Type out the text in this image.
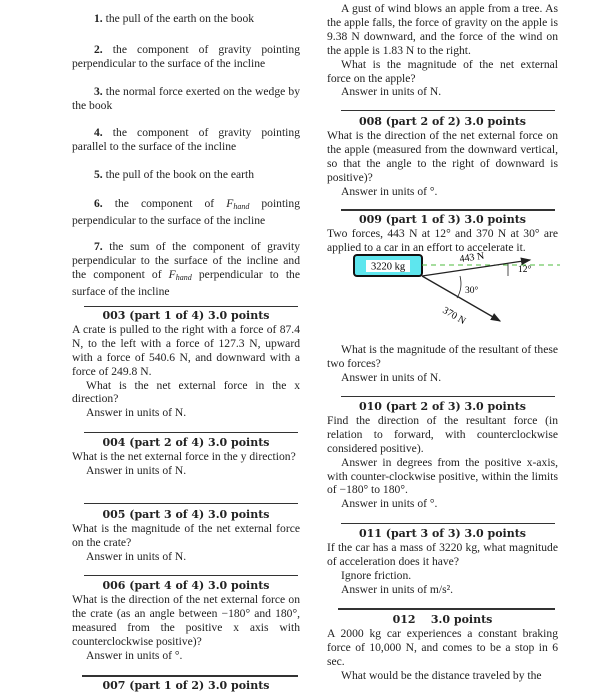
1. the pull of the earth on the book

2. the component of gravity pointing perpendicular to the surface of the incline

3. the normal force exerted on the wedge by the book

4. the component of gravity pointing parallel to the surface of the incline

5. the pull of the book on the earth

6. the component of $F_{hand}$ pointing perpendicular to the surface of the incline

7. the sum of the component of gravity perpendicular to the surface of the incline and the component of $F_{hand}$ perpendicular to the surface of the incline

003 (part 1 of 4) 3.0 points

A crate is pulled to the right with a force of 87.4 N, to the left with a force of 127.3 N, upward with a force of 540.6 N, and downward with a force of 249.8 N.

What is the net external force in the x direction?

Answer in units of N.

004 (part 2 of 4) 3.0 points

What is the net external force in the y direction?

Answer in units of N.

005 (part 3 of 4) 3.0 points

What is the magnitude of the net external force on the crate?

Answer in units of N.

006 (part 4 of 4) 3.0 points

What is the direction of the net external force on the crate (as an angle between −180° and 180°, measured from the positive x axis with counterclockwise positive)?

Answer in units of °.

007 (part 1 of 2) 3.0 points

A gust of wind blows an apple from a tree. As the apple falls, the force of gravity on the apple is 9.38 N downward, and the force of the wind on the apple is 1.83 N to the right.

What is the magnitude of the net external force on the apple?

Answer in units of N.

008 (part 2 of 2) 3.0 points

What is the direction of the net external force on the apple (measured from the downward vertical, so that the angle to the right of downward is positive)?

Answer in units of °.

009 (part 1 of 3) 3.0 points

Two forces, 443 N at 12° and 370 N at 30° are applied to a car in an effort to accelerate it.

3220 kg
443 N
12°
30°
370 N

What is the magnitude of the resultant of these two forces?

Answer in units of N.

010 (part 2 of 3) 3.0 points

Find the direction of the resultant force (in relation to forward, with counterclockwise considered positive).

Answer in degrees from the positive x-axis, with counter-clockwise positive, within the limits of −180° to 180°.

Answer in units of °.

011 (part 3 of 3) 3.0 points

If the car has a mass of 3220 kg, what magnitude of acceleration does it have?

Ignore friction.

Answer in units of m/s².

012    3.0 points

A 2000 kg car experiences a constant braking force of 10,000 N, and comes to be a stop in 6 sec.

What would be the distance traveled by the
